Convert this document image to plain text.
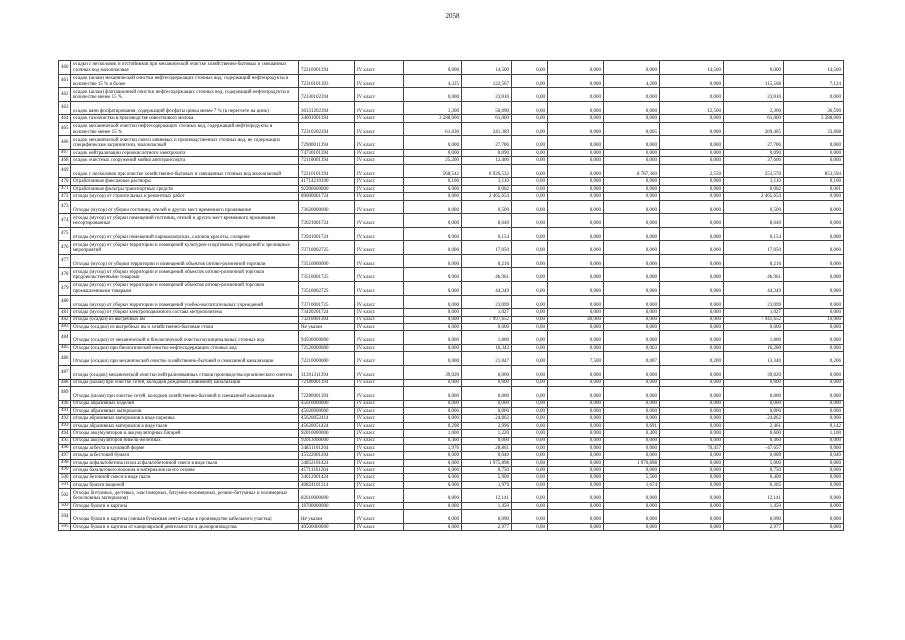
2058
460	осадки с песколовок и отстойников при механической очистке хозяйственно-бытовых и смешанных сточных вод малоопасные	72210901394	IV класс	0,000	14,500	0,00	0,000	0,000	14,500	0,000	14,500
461	осадок (шлам) механической очистки нефтесодержащих сточных вод, содержащий нефтепродукты в количестве 15 % и более	72310101393	IV класс	4,325	122,567	0,00	0,000	4,200	0,000	115,568	7,124
462	осадок (шлам) флотационной очистки нефтесодержащих сточных вод, содержащий нефтепродукты в количестве менее 15 %	72330102394	IV класс	0,000	23,010	0,00	0,000	0,000	0,000	23,010	0,000
463	осадок ванн фосфатирования, содержащий фосфаты цинка менее 7 % (в пересчете на цинк)	36331202394	IV класс	1,300	50,090	0,00	0,000	0,000	12,500	2,300	36,590
464	осадок газоочистки в производстве известкового молока	34601001394	IV класс	3 288,000	61,000	0,00	0,000	0,000	0,000	61,000	3 288,000
465	осадок механической очистки нефтесодержащих сточных вод, содержащий нефтепродукты в количестве менее 15 %	72310202394	IV класс	61,630	241,389	0,00	0,000	0,005	0,000	269,405	33,608
466	осадок механической очистки смеси ливневых и производственных сточных вод, не содержащих специфические загрязнители, малоопасный	72900011394	IV класс	0,000	27,786	0,00	0,000	0,000	0,000	27,786	0,000
467	осадок нейтрализации сернокислотного электролита	74730101394	IV класс	0,000	0,090	0,00	0,000	0,000	0,000	0,090	0,000
468	осадок очистных сооружений мойки автотранспорта	72110001394	IV класс	25,200	12,400	0,00	0,000	0,000	0,000	37,600	0,000
469	осадок с песколовок при очистке хозяйственно-бытовых и смешанных сточных вод малоопасный	72210101394	IV класс	568,542	8 926,532	0,00	0,000	8 787,360	2,550	553,570	853,594
470	Отработанные фиксажные растворы	41714210100	IV класс	0,100	3,110	0,00	0,000	0,000	0,000	3,110	0,100
471	Отработанные фильтры транспортных средств	92300000000	IV класс	0,000	0,002	0,00	0,000	0,000	0,000	0,002	0,001
472	отходы (мусор) от строительных и ремонтных работ	89000001724	IV класс	0,000	2 465,654	0,00	0,000	0,000	0,000	2 465,654	0,000
473	Отходы (мусор) от уборки гостиниц, отелей и других мест временного проживания	73620000000	IV класс	0,000	0,500	0,00	0,000	0,000	0,000	0,500	0,000
474	отходы (мусор) от уборки помещений гостиниц, отелей и других мест временного проживания несортированные	73621001724	IV класс	0,000	8,640	0,00	0,000	0,000	0,000	8,640	0,000
475	отходы (мусор) от уборки помещений парикмахерских, салонов красоты, соляриев	73941001724	IV класс	0,000	0,154	0,00	0,000	0,000	0,000	0,154	0,000
476	отходы (мусор) от уборки территории и помещений культурно-спортивных учреждений и зрелищных мероприятий	73710002725	IV класс	0,000	17,050	0,00	0,000	0,000	0,000	17,050	0,000
477	Отходы (мусор) от уборки территории и помещений объектов оптово-розничной торговли	73510000000	IV класс	0,000	8,216	0,00	0,000	0,000	0,000	8,216	0,000
478	отходы (мусор) от уборки территории и помещений объектов оптово-розничной торговли продовольственными товарами	73510001725	IV класс	0,000	46,961	0,00	0,000	0,000	0,000	46,961	0,000
479	отходы (мусор) от уборки территории и помещений объектов оптово-розничной торговли промышленными товарами	73510002725	IV класс	0,000	44,349	0,00	0,000	0,000	0,000	44,349	0,000
480	отходы (мусор) от уборки территории и помещений учебно-воспитательных учреждений	73710001725	IV класс	0,000	23,099	0,00	0,000	0,000	0,000	23,099	0,000
481	отходы (мусор) от уборки электроподвижного состава метрополитена	73420201724	IV класс	0,000	1,027	0,00	0,000	0,000	0,000	1,027	0,000
482	отходы (осадки) из выгребных ям	73210001304	IV класс	0,000	7 997,652	0,00	40,000	0,000	0,000	7 941,652	16,000
483	Отходы (осадки) из выгребных ям и хозяйственно-бытовые стоки	Не указан	IV класс	0,000	0,000	0,00	0,000	0,000	0,000	0,000	0,000
484	Отходы (осадки) от механической и биологической очистки муниципальных сточных вод	94500000000	IV класс	0,000	1,800	0,00	0,000	0,000	0,000	1,800	0,000
485	Отходы (осадки) при биологической очистке нефтесодержащих сточных вод	72520000000	IV класс	0,000	16,343	0,00	0,000	0,063	0,000	16,280	0,000
486	Отходы (осадки) при механической очистке хозяйственно-бытовой и смешанной канализации	72210000000	IV класс	0,000	21,047	0,00	7,500	0,007	0,200	13,340	0,206
487	отходы (осадок) механической очистки нейтрализованных стоков производства органического синтеза	31391311394	IV класс	39,020	0,000	0,00	0,000	0,000	0,000	39,020	0,000
488	отходы (шлам) при очистке сетей, колодцев дождевой (ливневой) канализации	72180001394	IV класс	0,000	0,000	0,00	0,000	0,000	0,000	0,000	0,000
489	Отходы (шлам) при очистке сетей, колодцев хозяйственно-бытовой и смешанной канализации	72280001394	IV класс	0,000	0,000	0,00	0,000	0,000	0,000	0,000	0,000
490	Отходы абразивных изделий	45610000000	IV класс	0,000	0,000	0,00	0,000	0,000	0,000	0,000	0,000
491	Отходы абразивных материалов	45620000000	IV класс	0,000	0,000	0,00	0,000	0,000	0,000	0,000	0,000
492	отходы абразивных материалов в виде порошка	45620052414	IV класс	0,000	24,862	0,00	0,000	0,000	0,000	24,862	0,000
493	отходы абразивных материалов в виде пыли	45620051424	IV класс	0,298	2,996	0,00	0,000	0,691	0,000	2,461	0,142
494	Отходы аккумуляторов и аккумуляторных батарей	92010000000	IV класс	1,000	1,220	0,00	0,000	0,400	0,000	0,600	1,100
495	Отходы аккумуляторов никель-железных	92013000000	IV класс	0,460	0,000	0,00	0,000	0,000	0,000	0,460	0,000
496	отходы асбеста в кусковой форме	34851101204	IV класс	1,976	28,861	0,00	0,000	0,000	70,457	-47,657	0,000
497	отходы асбестовой бумаги	45522001204	IV класс	0,000	0,040	0,00	0,000	0,000	0,000	0,000	0,040
498	отходы асфальтобетона и/или асфальтобетонной смеси в виде пыли	34852101424	IV класс	0,000	1 975,898	0,00	0,000	1 970,898	0,000	5,000	0,000
499	отходы базальтового волокна и материалов на его основе	45711101204	IV класс	0,000	0,750	0,00	0,000	0,000	0,000	0,750	0,000
500	отходы бетонной смеси в виде пыли	34612001424	IV класс	0,000	5,900	0,00	0,000	5,500	0,000	0,400	0,000
501	отходы бумаги вощеной	40824101214	IV класс	0,000	1,979	0,00	0,000	1,674	0,000	0,305	0,000
502	Отходы битумных, дегтевых, эластомерных, битумно-полимерных, резино-битумных и полимерных безосновных материалов)	82610000000	IV класс	0,000	12,141	0,00	0,000	0,000	0,000	12,141	0,000
503	Отходы бумаги и картона	18700000000	IV класс	0,000	1,450	0,00	0,000	0,000	0,000	1,450	0,000
504	Отходы бумаги и картона (липкая бумажная лента-сырье в производстве кабельного участка)	Не указан	IV класс	0,000	0,090	0,00	0,000	0,000	0,000	0,090	0,000
505	Отходы бумаги и картона от канцелярской деятельности и делопроизводства	40500000000	IV класс	0,000	2,977	0,00	0,000	0,000	0,000	2,977	0,000
